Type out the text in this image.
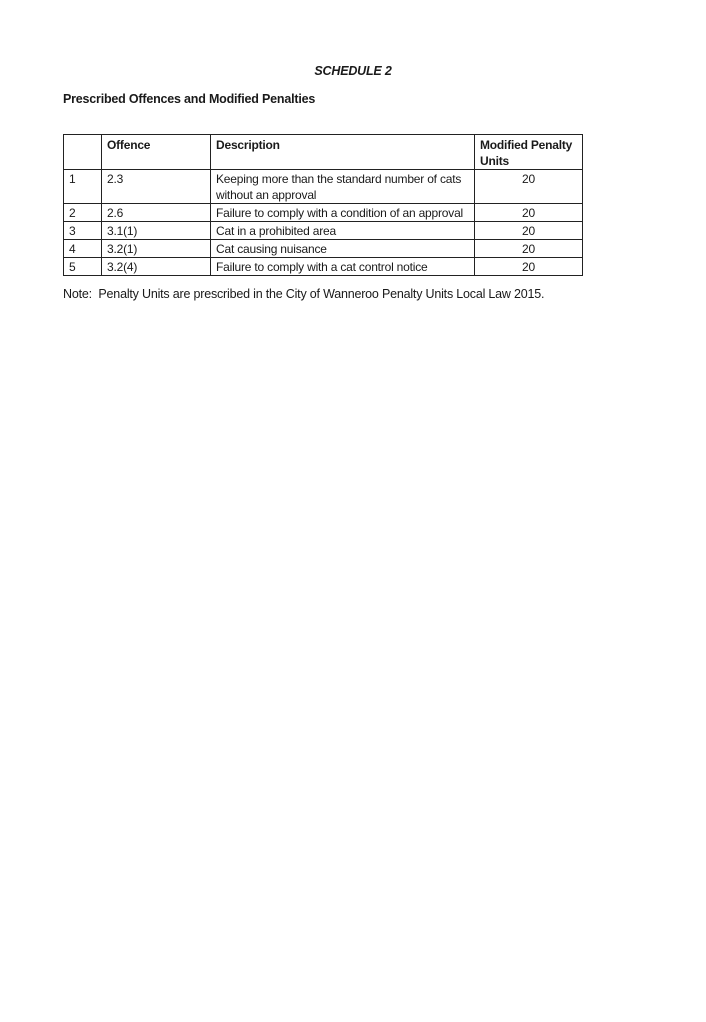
SCHEDULE 2
Prescribed Offences and Modified Penalties
	Offence	Description	Modified Penalty Units
1	2.3	Keeping more than the standard number of cats without an approval	20
2	2.6	Failure to comply with a condition of an approval	20
3	3.1(1)	Cat in a prohibited area	20
4	3.2(1)	Cat causing nuisance	20
5	3.2(4)	Failure to comply with a cat control notice	20
Note:  Penalty Units are prescribed in the City of Wanneroo Penalty Units Local Law 2015.
